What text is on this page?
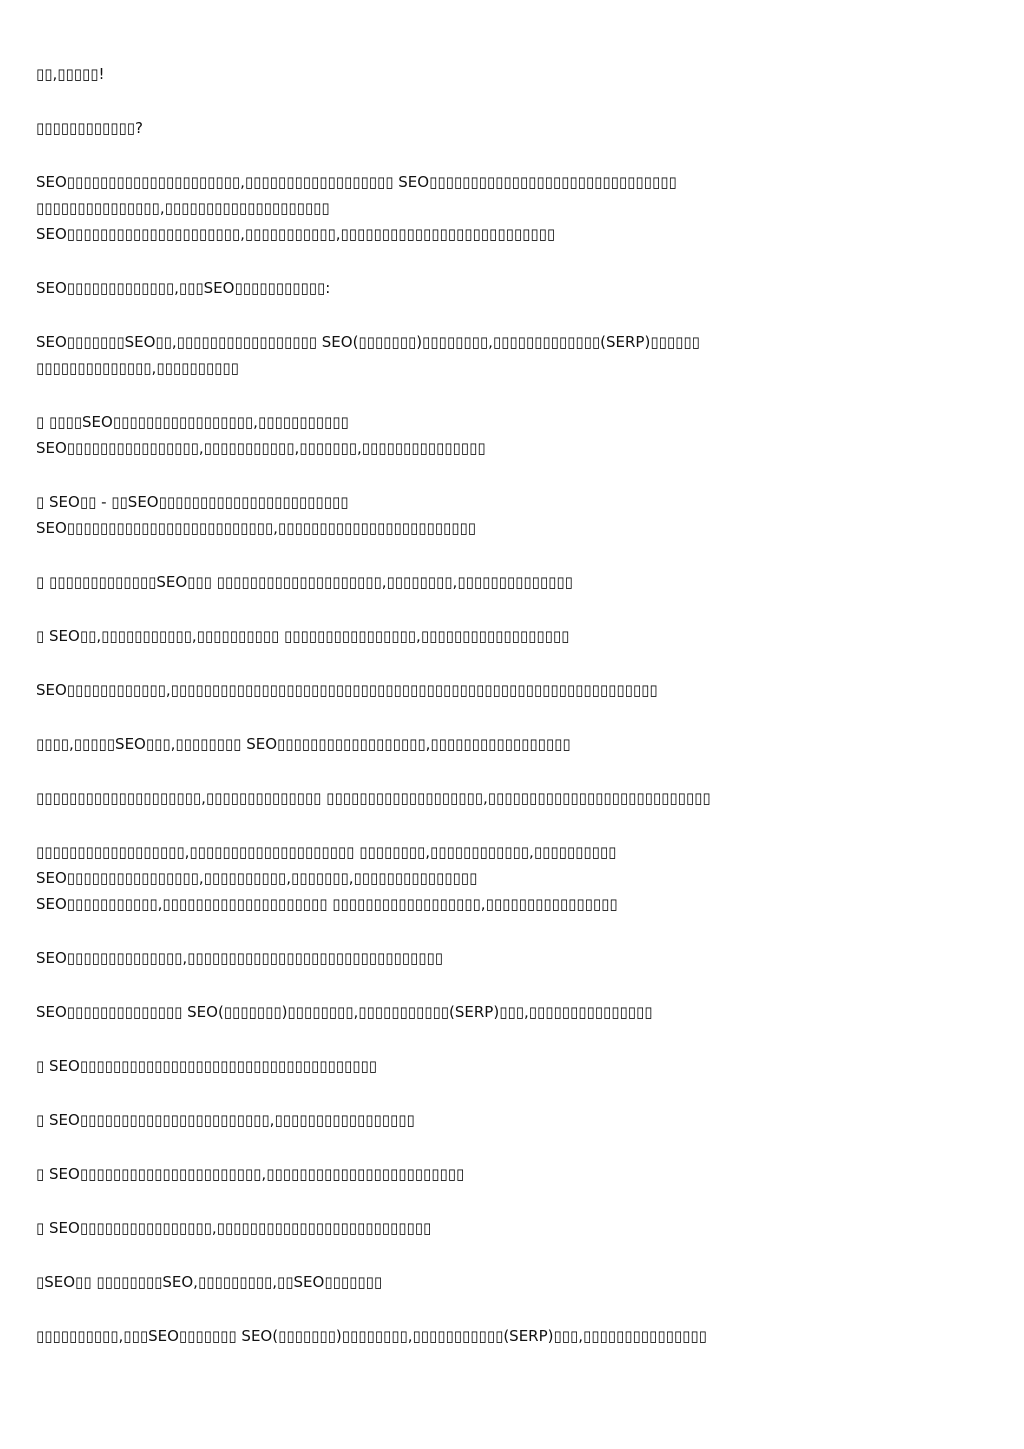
▯▯,▯▯▯▯▯!

▯▯▯▯▯▯▯▯▯▯▯▯?

SEO▯▯▯▯▯▯▯▯▯▯▯▯▯▯▯▯▯▯▯▯▯,▯▯▯▯▯▯▯▯▯▯▯▯▯▯▯▯▯▯ SEO▯▯▯▯▯▯▯▯▯▯▯▯▯▯▯▯▯▯▯▯▯▯▯▯▯▯▯▯▯▯
▯▯▯▯▯▯▯▯▯▯▯▯▯▯▯,▯▯▯▯▯▯▯▯▯▯▯▯▯▯▯▯▯▯▯▯
SEO▯▯▯▯▯▯▯▯▯▯▯▯▯▯▯▯▯▯▯▯▯,▯▯▯▯▯▯▯▯▯▯▯,▯▯▯▯▯▯▯▯▯▯▯▯▯▯▯▯▯▯▯▯▯▯▯▯▯▯

SEO▯▯▯▯▯▯▯▯▯▯▯▯▯,▯▯▯SEO▯▯▯▯▯▯▯▯▯▯▯:

SEO▯▯▯▯▯▯▯SEO▯▯,▯▯▯▯▯▯▯▯▯▯▯▯▯▯▯▯▯ SEO(▯▯▯▯▯▯▯)▯▯▯▯▯▯▯▯,▯▯▯▯▯▯▯▯▯▯▯▯▯(SERP)▯▯▯▯▯▯
▯▯▯▯▯▯▯▯▯▯▯▯▯▯,▯▯▯▯▯▯▯▯▯▯

▯ ▯▯▯▯SEO▯▯▯▯▯▯▯▯▯▯▯▯▯▯▯▯▯,▯▯▯▯▯▯▯▯▯▯▯
SEO▯▯▯▯▯▯▯▯▯▯▯▯▯▯▯▯,▯▯▯▯▯▯▯▯▯▯▯,▯▯▯▯▯▯▯,▯▯▯▯▯▯▯▯▯▯▯▯▯▯▯

▯ SEO▯▯ - ▯▯SEO▯▯▯▯▯▯▯▯▯▯▯▯▯▯▯▯▯▯▯▯▯▯▯
SEO▯▯▯▯▯▯▯▯▯▯▯▯▯▯▯▯▯▯▯▯▯▯▯▯▯,▯▯▯▯▯▯▯▯▯▯▯▯▯▯▯▯▯▯▯▯▯▯▯▯

▯ ▯▯▯▯▯▯▯▯▯▯▯▯▯SEO▯▯▯ ▯▯▯▯▯▯▯▯▯▯▯▯▯▯▯▯▯▯▯▯,▯▯▯▯▯▯▯▯,▯▯▯▯▯▯▯▯▯▯▯▯▯▯

▯ SEO▯▯,▯▯▯▯▯▯▯▯▯▯▯,▯▯▯▯▯▯▯▯▯▯ ▯▯▯▯▯▯▯▯▯▯▯▯▯▯▯▯,▯▯▯▯▯▯▯▯▯▯▯▯▯▯▯▯▯▯

SEO▯▯▯▯▯▯▯▯▯▯▯▯,▯▯▯▯▯▯▯▯▯▯▯▯▯▯▯▯▯▯▯▯▯▯▯▯▯▯▯▯▯▯▯▯▯▯▯▯▯▯▯▯▯▯▯▯▯▯▯▯▯▯▯▯▯▯▯▯▯▯▯

▯▯▯▯,▯▯▯▯▯SEO▯▯▯,▯▯▯▯▯▯▯▯ SEO▯▯▯▯▯▯▯▯▯▯▯▯▯▯▯▯▯▯,▯▯▯▯▯▯▯▯▯▯▯▯▯▯▯▯▯

▯▯▯▯▯▯▯▯▯▯▯▯▯▯▯▯▯▯▯▯,▯▯▯▯▯▯▯▯▯▯▯▯▯▯ ▯▯▯▯▯▯▯▯▯▯▯▯▯▯▯▯▯▯▯,▯▯▯▯▯▯▯▯▯▯▯▯▯▯▯▯▯▯▯▯▯▯▯▯▯▯▯

▯▯▯▯▯▯▯▯▯▯▯▯▯▯▯▯▯▯,▯▯▯▯▯▯▯▯▯▯▯▯▯▯▯▯▯▯▯▯ ▯▯▯▯▯▯▯▯,▯▯▯▯▯▯▯▯▯▯▯▯,▯▯▯▯▯▯▯▯▯▯
SEO▯▯▯▯▯▯▯▯▯▯▯▯▯▯▯▯,▯▯▯▯▯▯▯▯▯▯,▯▯▯▯▯▯▯,▯▯▯▯▯▯▯▯▯▯▯▯▯▯▯
SEO▯▯▯▯▯▯▯▯▯▯▯,▯▯▯▯▯▯▯▯▯▯▯▯▯▯▯▯▯▯▯▯ ▯▯▯▯▯▯▯▯▯▯▯▯▯▯▯▯▯▯,▯▯▯▯▯▯▯▯▯▯▯▯▯▯▯▯

SEO▯▯▯▯▯▯▯▯▯▯▯▯▯▯,▯▯▯▯▯▯▯▯▯▯▯▯▯▯▯▯▯▯▯▯▯▯▯▯▯▯▯▯▯▯▯

SEO▯▯▯▯▯▯▯▯▯▯▯▯▯▯ SEO(▯▯▯▯▯▯▯)▯▯▯▯▯▯▯▯,▯▯▯▯▯▯▯▯▯▯▯(SERP)▯▯▯,▯▯▯▯▯▯▯▯▯▯▯▯▯▯▯

▯ SEO▯▯▯▯▯▯▯▯▯▯▯▯▯▯▯▯▯▯▯▯▯▯▯▯▯▯▯▯▯▯▯▯▯▯▯▯

▯ SEO▯▯▯▯▯▯▯▯▯▯▯▯▯▯▯▯▯▯▯▯▯▯▯,▯▯▯▯▯▯▯▯▯▯▯▯▯▯▯▯▯

▯ SEO▯▯▯▯▯▯▯▯▯▯▯▯▯▯▯▯▯▯▯▯▯▯,▯▯▯▯▯▯▯▯▯▯▯▯▯▯▯▯▯▯▯▯▯▯▯▯

▯ SEO▯▯▯▯▯▯▯▯▯▯▯▯▯▯▯▯,▯▯▯▯▯▯▯▯▯▯▯▯▯▯▯▯▯▯▯▯▯▯▯▯▯▯

▯SEO▯▯ ▯▯▯▯▯▯▯▯SEO,▯▯▯▯▯▯▯▯▯,▯▯SEO▯▯▯▯▯▯▯

▯▯▯▯▯▯▯▯▯▯,▯▯▯SEO▯▯▯▯▯▯▯ SEO(▯▯▯▯▯▯▯)▯▯▯▯▯▯▯▯,▯▯▯▯▯▯▯▯▯▯▯(SERP)▯▯▯,▯▯▯▯▯▯▯▯▯▯▯▯▯▯▯
